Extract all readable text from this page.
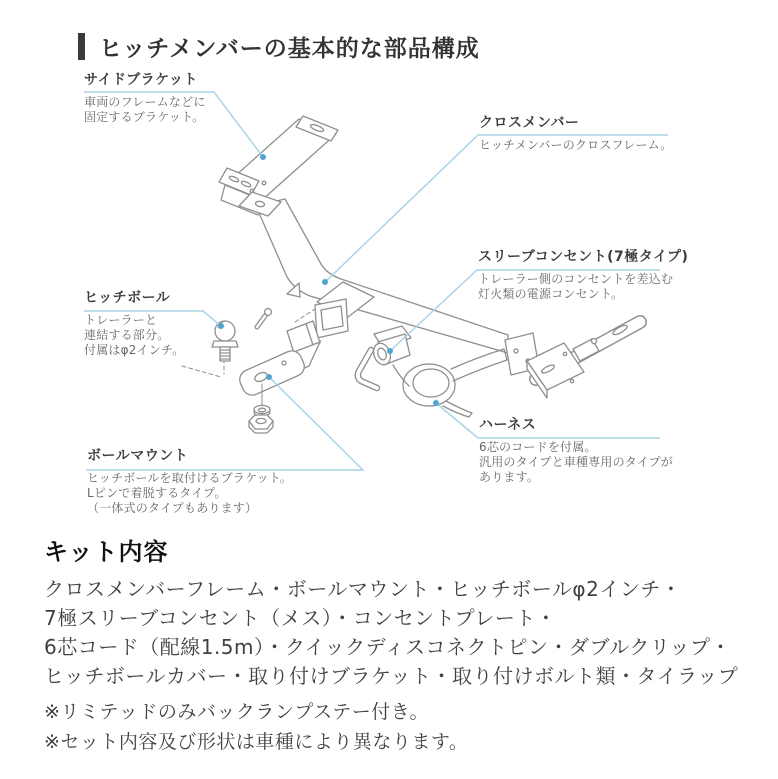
ヒッチメンバーの基本的な部品構成
サイドブラケット
車両のフレームなどに
固定するブラケット。	クロスメンバー
ヒッチメンバーのクロスフレーム。
スリーブコンセント(7極タイプ)
トレーラー側のコンセントを差込む
灯火類の電源コンセント。
ヒッチボール
トレーラーと
連結する部分。
付属はφ2インチ。
ハーネス
6芯のコードを付属。
汎用のタイプと車種専用のタイプが
あります。
ボールマウント
ヒッチボールを取付けるブラケット。
Lピンで着脱するタイプ。
（一体式のタイプもあります）
キット内容
クロスメンバーフレーム・ボールマウント・ヒッチボールφ2インチ・
7極スリーブコンセント（メス）・コンセントプレート・
6芯コード（配線1.5m）・クイックディスコネクトピン・ダブルクリップ・
ヒッチボールカバー・取り付けブラケット・取り付けボルト類・タイラップ
※リミテッドのみバックランプステー付き。
※セット内容及び形状は車種により異なります。
